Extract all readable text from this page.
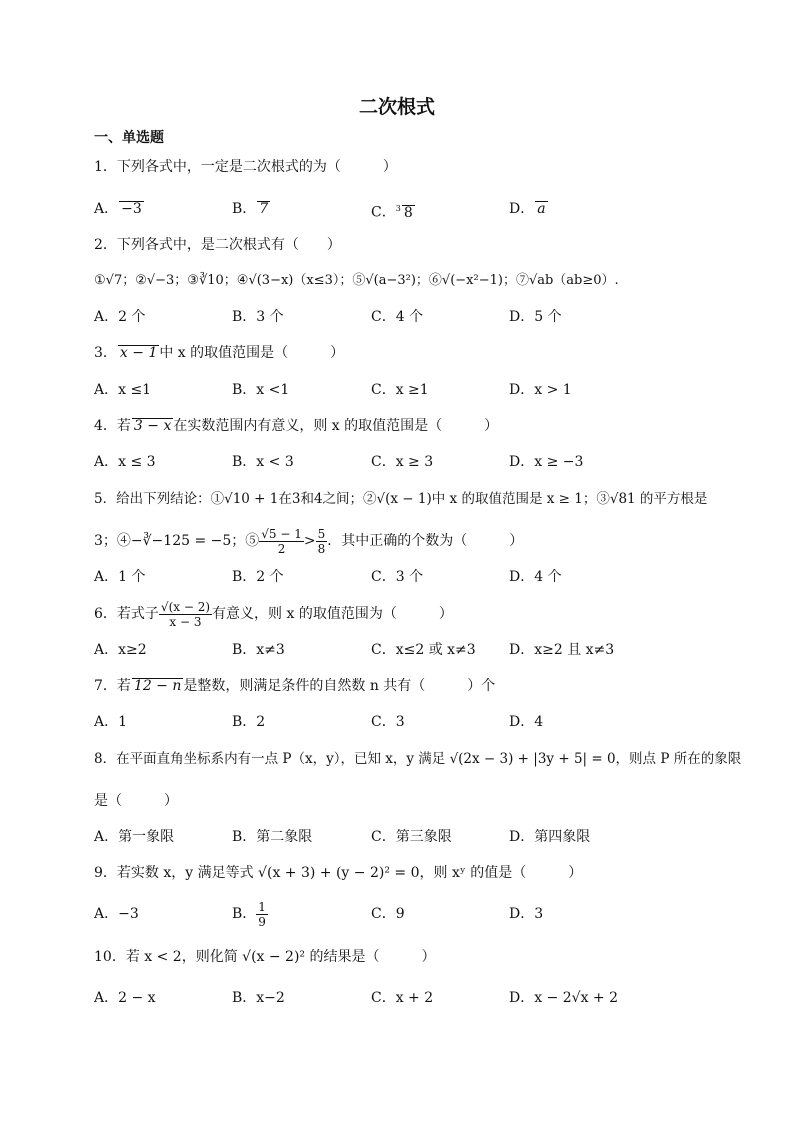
二次根式
一、单选题
1．下列各式中，一定是二次根式的为（　　　）
A． −3	B． 7	C．$^3$ 8	D． a
2．下列各式中，是二次根式有（　　）
①√7；②√−3；③∛10；④√(3−x)（x≤3）；⑤√(a−3²)；⑥√(−x²−1)；⑦√ab（ab≥0）.
A．2 个	B．3 个	C．4 个	D．5 个
3． x − 1 中 x 的取值范围是（　　　）
A．x ≤1	B．x <1	C．x ≥1	D．x > 1
4．若 3 − x 在实数范围内有意义，则 x 的取值范围是（　　　）
A．x ≤ 3	B．x < 3	C．x ≥ 3	D．x ≥ −3
5．给出下列结论：①√10 + 1在3和4之间；②√(x − 1)中 x 的取值范围是 x ≥ 1；③√81 的平方根是
3；④−∛−125 = −5；⑤ $\frac{√5 - 1}{2} > \frac{5}{8}$ ．其中正确的个数为（　　　）
A．1 个	B．2 个	C．3 个	D．4 个
6．若式子 $\frac{√(x - 2)}{x - 3}$ 有意义，则 x 的取值范围为（　　　）
A．x≥2	B．x≠3	C．x≤2 或 x≠3 D．x≥2 且 x≠3
7．若 12 − n 是整数，则满足条件的自然数 n 共有（　　　）个
A．1	B．2	C．3	D．4
8．在平面直角坐标系内有一点 P（x，y），已知 x，y 满足 √(2x − 3) + |3y + 5| = 0，则点 P 所在的象限
是（　　　）
A．第一象限	B．第二象限	C．第三象限	D．第四象限
9．若实数 x，y 满足等式 √(x + 3) + (y − 2)² = 0，则 xʸ 的值是（　　　）
A．−3	B． $\frac{1}{9}$	C．9	D．3
10．若 x < 2，则化简 √(x − 2)² 的结果是（　　　）
A．2 − x	B．x−2	C．x + 2	D．x − 2√x + 2
